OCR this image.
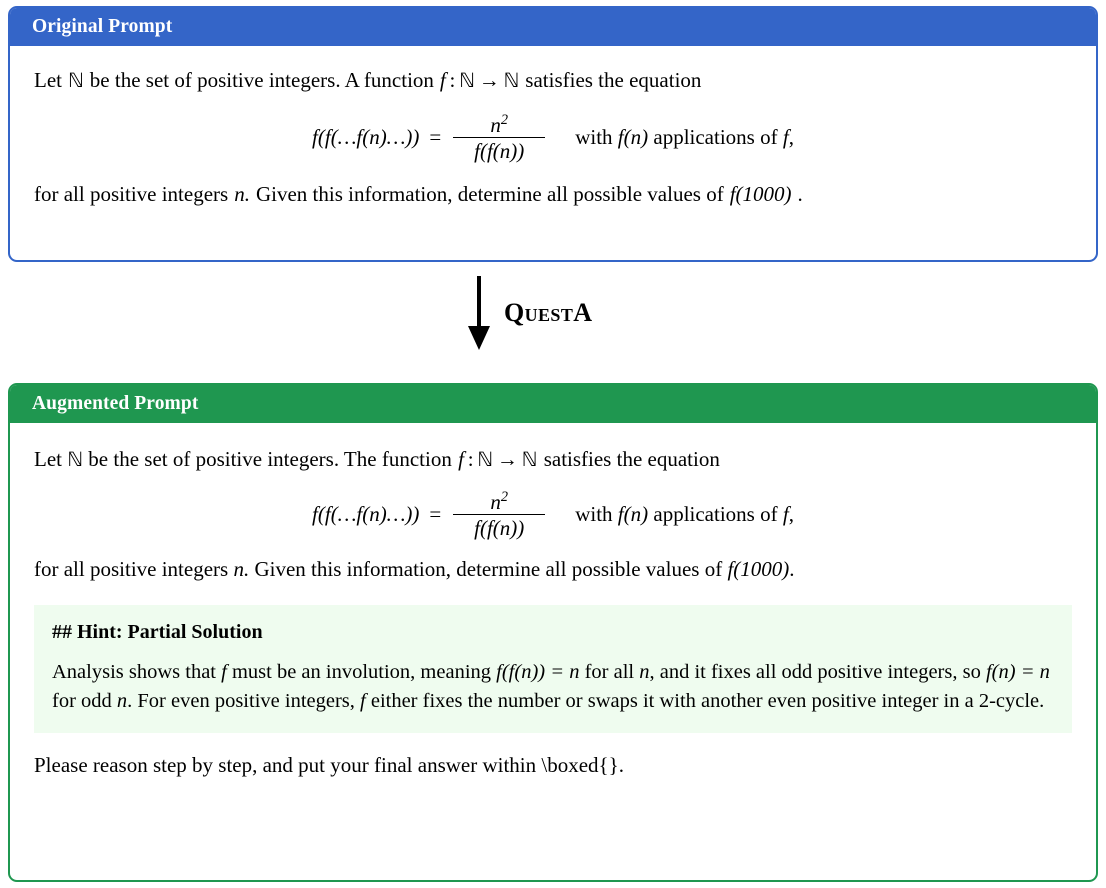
Original Prompt

Let ℕ be the set of positive integers. A function f : ℕ → ℕ satisfies the equation

f(f(…f(n)…)) = $\frac{n^2}{f(f(n))}$	with f(n) applications of f,

for all positive integers n. Given this information, determine all possible values of f(1000) .

QuestA
Augmented Prompt

Let ℕ be the set of positive integers. The function f : ℕ → ℕ satisfies the equation

f(f(…f(n)…)) = $\frac{n^2}{f(f(n))}$	with f(n) applications of f,

for all positive integers n. Given this information, determine all possible values of f(1000).

## Hint: Partial Solution
Analysis shows that f must be an involution, meaning f(f(n)) = n for all n, and it fixes all odd positive integers, so f(n) = n for odd n. For even positive integers, f either fixes the number or swaps it with another even positive integer in a 2-cycle.

Please reason step by step, and put your final answer within \boxed{}.
